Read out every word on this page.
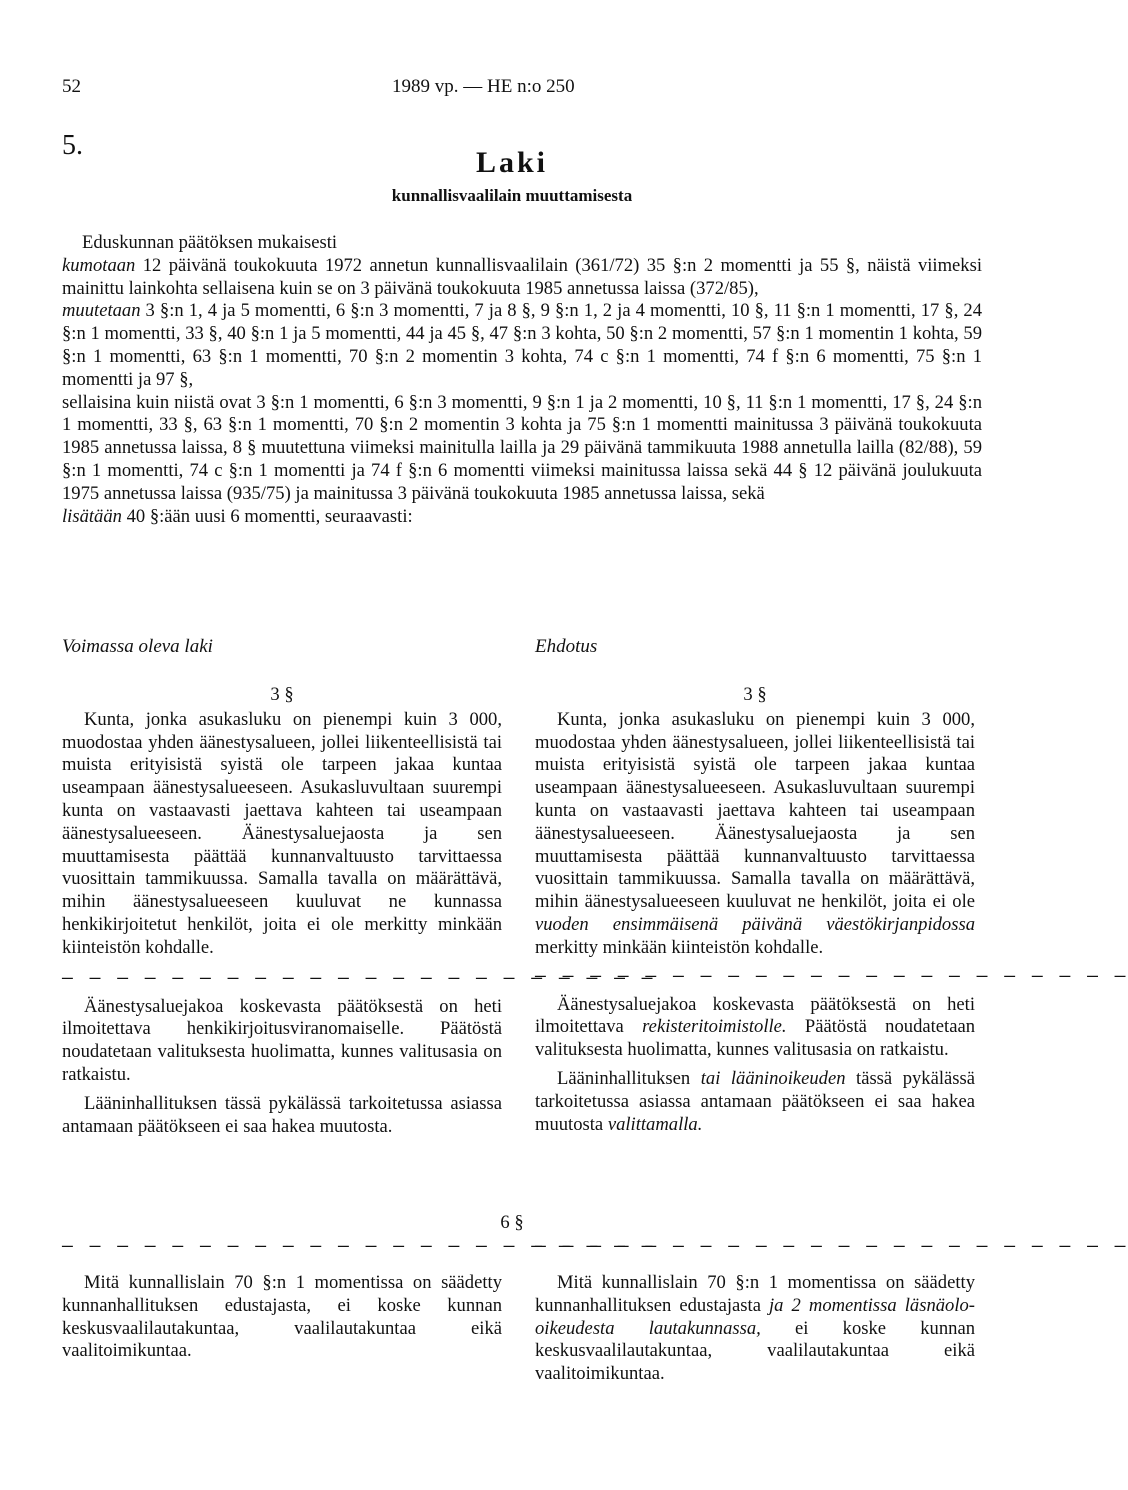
52	1989 vp. — HE n:o 250
5.
Laki
kunnallisvaalilain muuttamisesta

Eduskunnan päätöksen mukaisesti

kumotaan 12 päivänä toukokuuta 1972 annetun kunnallisvaalilain (361/72) 35 §:n 2 momentti ja 55 §, näistä viimeksi mainittu lainkohta sellaisena kuin se on 3 päivänä toukokuuta 1985 annetussa laissa (372/85),

muutetaan 3 §:n 1, 4 ja 5 momentti, 6 §:n 3 momentti, 7 ja 8 §, 9 §:n 1, 2 ja 4 momentti, 10 §, 11 §:n 1 momentti, 17 §, 24 §:n 1 momentti, 33 §, 40 §:n 1 ja 5 momentti, 44 ja 45 §, 47 §:n 3 kohta, 50 §:n 2 momentti, 57 §:n 1 momentin 1 kohta, 59 §:n 1 momentti, 63 §:n 1 momentti, 70 §:n 2 momentin 3 kohta, 74 c §:n 1 momentti, 74 f §:n 6 momentti, 75 §:n 1 momentti ja 97 §,

sellaisina kuin niistä ovat 3 §:n 1 momentti, 6 §:n 3 momentti, 9 §:n 1 ja 2 momentti, 10 §, 11 §:n 1 momentti, 17 §, 24 §:n 1 momentti, 33 §, 63 §:n 1 momentti, 70 §:n 2 momentin 3 kohta ja 75 §:n 1 momentti mainitussa 3 päivänä toukokuuta 1985 annetussa laissa, 8 § muutettuna viimeksi mainitulla lailla ja 29 päivänä tammikuuta 1988 annetulla lailla (82/88), 59 §:n 1 momentti, 74 c §:n 1 momentti ja 74 f §:n 6 momentti viimeksi mainitussa laissa sekä 44 § 12 päivänä joulukuuta 1975 annetussa laissa (935/75) ja mainitussa 3 päivänä toukokuuta 1985 annetussa laissa, sekä

lisätään 40 §:ään uusi 6 momentti, seuraavasti:

Voimassa oleva laki	Ehdotus

3 §

Kunta, jonka asukasluku on pienempi kuin 3 000, muodostaa yhden äänestysalueen, jollei liikenteellisistä tai muista erityisistä syistä ole tarpeen jakaa kuntaa useampaan äänestysalueeseen. Asukasluvultaan suurempi kunta on vastaavasti jaettava kahteen tai useampaan äänestysalueeseen. Äänestysaluejaosta ja sen muuttamisesta päättää kunnanvaltuusto tarvittaessa vuosittain tammikuussa. Samalla tavalla on määrättävä, mihin äänestysalueeseen kuuluvat ne kunnassa henkikirjoitetut henkilöt, joita ei ole merkitty minkään kiinteistön kohdalle.

— — — — — — — — — — — — — — — — — — — — — —

Äänestysaluejakoa koskevasta päätöksestä on heti ilmoitettava henkikirjoitusviranomaiselle. Päätöstä noudatetaan valituksesta huolimatta, kunnes valitusasia on ratkaistu.

Lääninhallituksen tässä pykälässä tarkoitetussa asiassa antamaan päätökseen ei saa hakea muutosta.

— — — — — — — — — — — — — — — — — — — — — —

Mitä kunnallislain 70 §:n 1 momentissa on säädetty kunnanhallituksen edustajasta, ei koske kunnan keskusvaalilautakuntaa, vaalilautakuntaa eikä vaalitoimikuntaa.

6 §

3 §

Kunta, jonka asukasluku on pienempi kuin 3 000, muodostaa yhden äänestysalueen, jollei liikenteellisistä tai muista erityisistä syistä ole tarpeen jakaa kuntaa useampaan äänestysalueeseen. Asukasluvultaan suurempi kunta on vastaavasti jaettava kahteen tai useampaan äänestysalueeseen. Äänestysaluejaosta ja sen muuttamisesta päättää kunnanvaltuusto tarvittaessa vuosittain tammikuussa. Samalla tavalla on määrättävä, mihin äänestysalueeseen kuuluvat ne henkilöt, joita ei ole vuoden ensimmäisenä päivänä väestökirjanpidossa merkitty minkään kiinteistön kohdalle.

— — — — — — — — — — — — — — — — — — — — — —

Äänestysaluejakoa koskevasta päätöksestä on heti ilmoitettava rekisteritoimistolle. Päätöstä noudatetaan valituksesta huolimatta, kunnes valitusasia on ratkaistu.

Lääninhallituksen tai lääninoikeuden tässä pykälässä tarkoitetussa asiassa antamaan päätökseen ei saa hakea muutosta valittamalla.

— — — — — — — — — — — — — — — — — — — — — —

Mitä kunnallislain 70 §:n 1 momentissa on säädetty kunnanhallituksen edustajasta ja 2 momentissa läsnäolo-oikeudesta lautakunnassa, ei koske kunnan keskusvaalilautakuntaa, vaalilautakuntaa eikä vaalitoimikuntaa.
